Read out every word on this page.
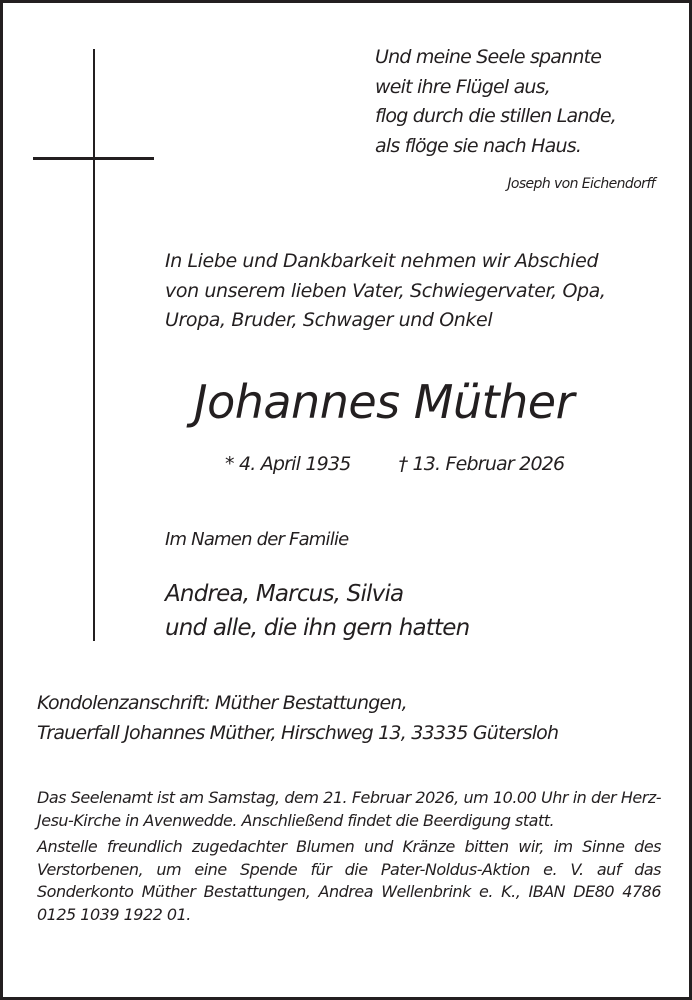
Und meine Seele spannte
weit ihre Flügel aus,
flog durch die stillen Lande,
als flöge sie nach Haus.
Joseph von Eichendorff
In Liebe und Dankbarkeit nehmen wir Abschied
von unserem lieben Vater, Schwiegervater, Opa,
Uropa, Bruder, Schwager und Onkel
Johannes Müther
* 4. April 1935	† 13. Februar 2026
Im Namen der Familie
Andrea, Marcus, Silvia
und alle, die ihn gern hatten
Kondolenzanschrift: Müther Bestattungen,
Trauerfall Johannes Müther, Hirschweg 13, 33335 Gütersloh

Das Seelenamt ist am Samstag, dem 21. Februar 2026, um 10.00 Uhr in der Herz-Jesu-Kirche in Avenwedde. Anschließend findet die Beerdigung statt.

Anstelle freundlich zugedachter Blumen und Kränze bitten wir, im Sinne des Verstorbenen, um eine Spende für die Pater-Noldus-Aktion e. V. auf das Sonderkonto Müther Bestattungen, Andrea Wellenbrink e. K., IBAN DE80 4786 0125 1039 1922 01.
